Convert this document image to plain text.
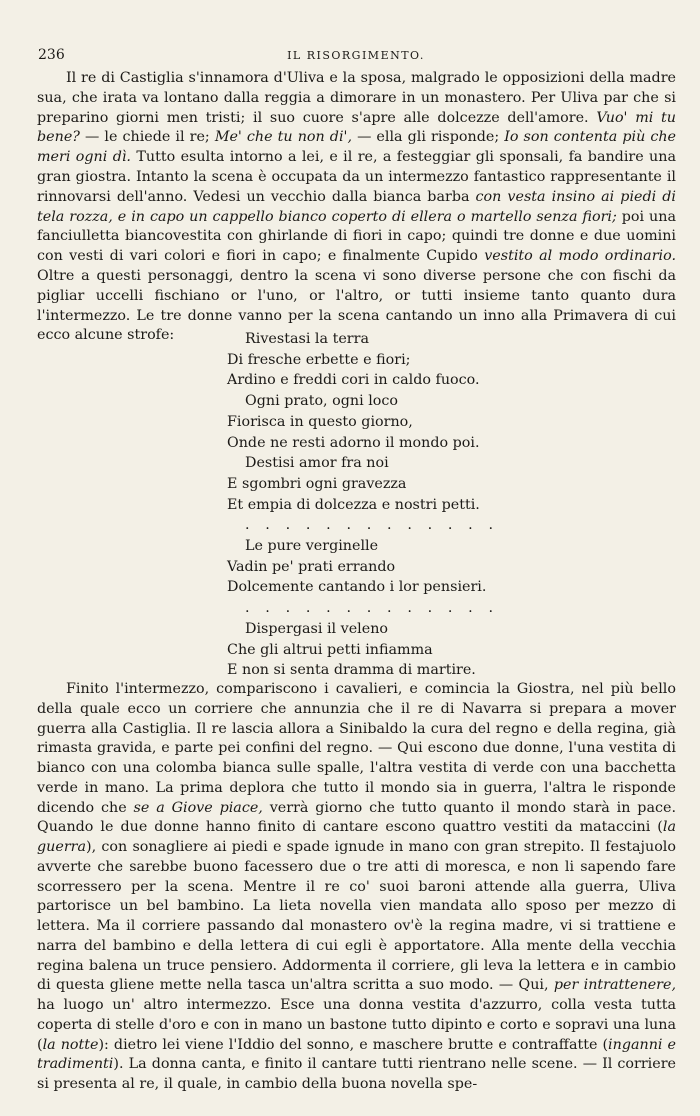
236	IL RISORGIMENTO.

Il re di Castiglia s'innamora d'Uliva e la sposa, malgrado le opposizioni della madre sua, che irata va lontano dalla reggia a dimorare in un monastero. Per Uliva par che si preparino giorni men tristi; il suo cuore s'apre alle dolcezze dell'amore. Vuo' mi tu bene? — le chiede il re; Me' che tu non di', — ella gli risponde; Io son contenta più che meri ogni dì. Tutto esulta intorno a lei, e il re, a festeggiar gli sponsali, fa bandire una gran giostra. Intanto la scena è occupata da un intermezzo fantastico rappresentante il rinnovarsi dell'anno. Vedesi un vecchio dalla bianca barba con vesta insino ai piedi di tela rozza, e in capo un cappello bianco coperto di ellera o martello senza fiori; poi una fanciulletta biancovestita con ghirlande di fiori in capo; quindi tre donne e due uomini con vesti di vari colori e fiori in capo; e finalmente Cupido vestito al modo ordinario. Oltre a questi personaggi, dentro la scena vi sono diverse persone che con fischi da pigliar uccelli fischiano or l'uno, or l'altro, or tutti insieme tanto quanto dura l'intermezzo. Le tre donne vanno per la scena cantando un inno alla Primavera di cui ecco alcune strofe:	Rivestasi la terra
Di fresche erbette e fiori;
Ardino e freddi cori in caldo fuoco.
Ogni prato, ogni loco
Fiorisca in questo giorno,
Onde ne resti adorno il mondo poi.
Destisi amor fra noi
E sgombri ogni gravezza
Et empia di dolcezza e nostri petti.
. . . . . . . . . . . . .
Le pure verginelle
Vadin pe' prati errando
Dolcemente cantando i lor pensieri.
. . . . . . . . . . . . .
Dispergasi il veleno
Che gli altrui petti infiamma
E non si senta dramma di martire.

Finito l'intermezzo, compariscono i cavalieri, e comincia la Giostra, nel più bello della quale ecco un corriere che annunzia che il re di Navarra si prepara a mover guerra alla Castiglia. Il re lascia allora a Sinibaldo la cura del regno e della regina, già rimasta gravida, e parte pei confini del regno. — Qui escono due donne, l'una vestita di bianco con una colomba bianca sulle spalle, l'altra vestita di verde con una bacchetta verde in mano. La prima deplora che tutto il mondo sia in guerra, l'altra le risponde dicendo che se a Giove piace, verrà giorno che tutto quanto il mondo starà in pace. Quando le due donne hanno finito di cantare escono quattro vestiti da mataccini (la guerra), con sonagliere ai piedi e spade ignude in mano con gran strepito. Il festajuolo avverte che sarebbe buono facessero due o tre atti di moresca, e non li sapendo fare scorressero per la scena. Mentre il re co' suoi baroni attende alla guerra, Uliva partorisce un bel bambino. La lieta novella vien mandata allo sposo per mezzo di lettera. Ma il corriere passando dal monastero ov'è la regina madre, vi si trattiene e narra del bambino e della lettera di cui egli è apportatore. Alla mente della vecchia regina balena un truce pensiero. Addormenta il corriere, gli leva la lettera e in cambio di questa gliene mette nella tasca un'altra scritta a suo modo. — Qui, per intrattenere, ha luogo un' altro intermezzo. Esce una donna vestita d'azzurro, colla vesta tutta coperta di stelle d'oro e con in mano un bastone tutto dipinto e corto e sopravi una luna (la notte): dietro lei viene l'Iddio del sonno, e maschere brutte e contraffatte (inganni e tradimenti). La donna canta, e finito il cantare tutti rientrano nelle scene. — Il corriere si presenta al re, il quale, in cambio della buona novella spe-
